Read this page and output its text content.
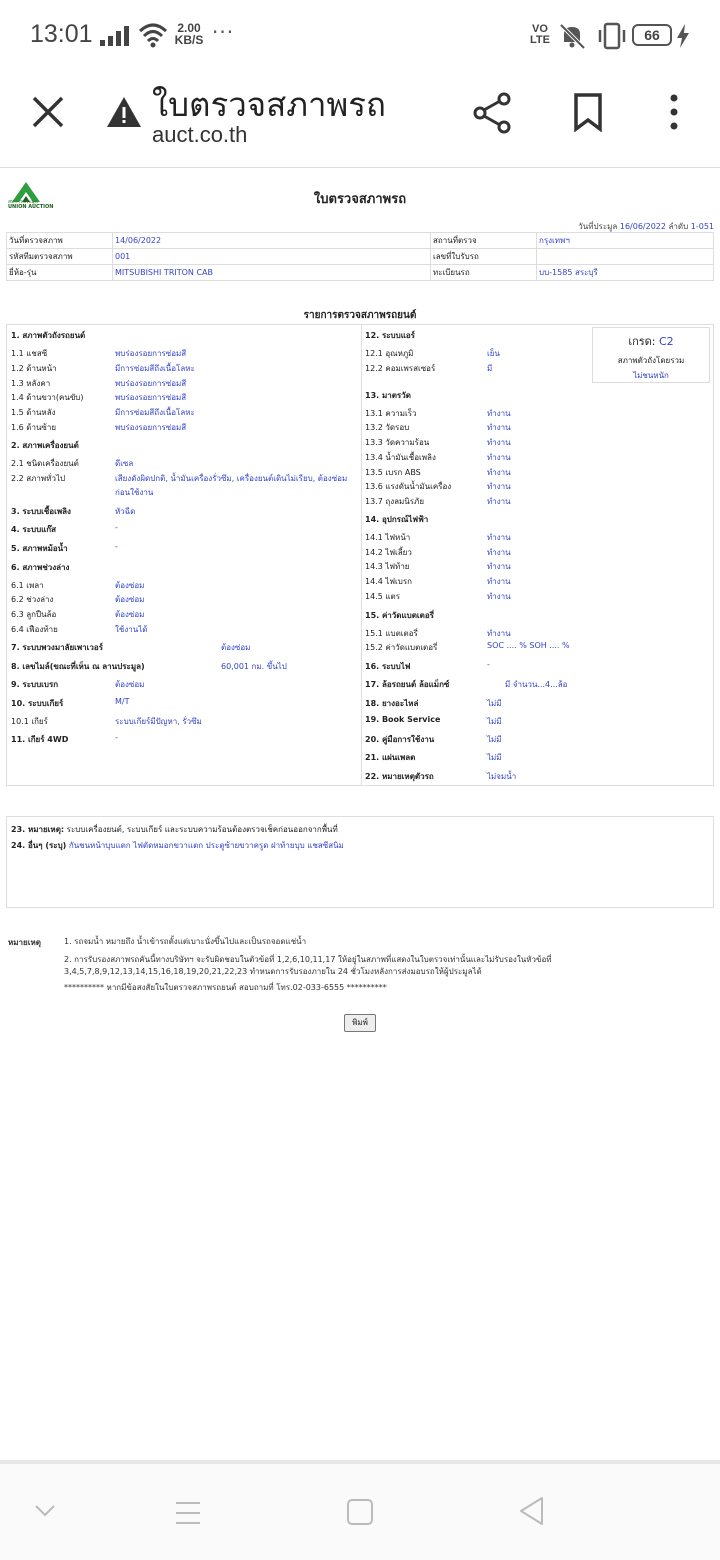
13:01	2.00
KB/S ···	VO
LTE	66
ใบตรวจสภาพรถ
auct.co.th
สหการประมูล
UNION AUCTION	ใบตรวจสภาพรถ
วันที่ประมูล 16/06/2022 ลำดับ 1-051
วันที่ตรวจสภาพ	14/06/2022	สถานที่ตรวจ	กรุงเทพฯ
รหัสทีมตรวจสภาพ	001	เลขที่ใบรับรถ	
ยี่ห้อ-รุ่น	MITSUBISHI TRITON CAB	ทะเบียนรถ	บบ-1585 สระบุรี
รายการตรวจสภาพรถยนต์
1. สภาพตัวถังรถยนต์
1.1 แชสซี	พบร่องรอยการซ่อมสี
1.2 ด้านหน้า	มีการซ่อมสีถึงเนื้อโลหะ
1.3 หลังคา	พบร่องรอยการซ่อมสี
1.4 ด้านขวา(คนขับ)	พบร่องรอยการซ่อมสี
1.5 ด้านหลัง	มีการซ่อมสีถึงเนื้อโลหะ
1.6 ด้านซ้าย	พบร่องรอยการซ่อมสี
2. สภาพเครื่องยนต์
2.1 ชนิดเครื่องยนต์	ดีเซล
2.2 สภาพทั่วไป	เสียงดังผิดปกติ, น้ำมันเครื่องรั่วซึม, เครื่องยนต์เดินไม่เรียบ, ต้องซ่อม
ก่อนใช้งาน
3. ระบบเชื้อเพลิง	หัวฉีด
4. ระบบแก๊ส	-
5. สภาพหม้อน้ำ	-
6. สภาพช่วงล่าง
6.1 เพลา	ต้องซ่อม
6.2 ช่วงล่าง	ต้องซ่อม
6.3 ลูกปืนล้อ	ต้องซ่อม
6.4 เฟืองท้าย	ใช้งานได้
7. ระบบพวงมาลัยเพาเวอร์	ต้องซ่อม
8. เลขไมล์(ขณะที่เห็น ณ ลานประมูล)	60,001 กม. ขึ้นไป
9. ระบบเบรก	ต้องซ่อม
10. ระบบเกียร์	M/T
10.1 เกียร์	ระบบเกียร์มีปัญหา, รั่วซึม
11. เกียร์ 4WD	-
12. ระบบแอร์
12.1 อุณหภูมิ	เย็น
12.2 คอมเพรสเซอร์	มี
13. มาตรวัด
13.1 ความเร็ว	ทำงาน
13.2 วัดรอบ	ทำงาน
13.3 วัดความร้อน	ทำงาน
13.4 น้ำมันเชื้อเพลิง	ทำงาน
13.5 เบรก ABS	ทำงาน
13.6 แรงดันน้ำมันเครื่อง	ทำงาน
13.7 ถุงลมนิรภัย	ทำงาน
14. อุปกรณ์ไฟฟ้า
14.1 ไฟหน้า	ทำงาน
14.2 ไฟเลี้ยว	ทำงาน
14.3 ไฟท้าย	ทำงาน
14.4 ไฟเบรก	ทำงาน
14.5 แตร	ทำงาน
15. ค่าวัดแบตเตอรี่
15.1 แบตเตอรี่	ทำงาน
15.2 ค่าวัดแบตเตอรี่	SOC .... % SOH .... %
16. ระบบไฟ	-
17. ล้อรถยนต์ ล้อแม็กซ์	มี จำนวน...4...ล้อ
18. ยางอะไหล่	ไม่มี
19. Book Service	ไม่มี
20. คู่มือการใช้งาน	ไม่มี
21. แผ่นเพลต	ไม่มี
22. หมายเหตุตัวรถ	ไม่จมน้ำ
เกรด: C2
สภาพตัวถังโดยรวม
ไม่ชนหนัก
23. หมายเหตุ: ระบบเครื่องยนต์, ระบบเกียร์ และระบบความร้อนต้องตรวจเช็คก่อนออกจากพื้นที่
24. อื่นๆ (ระบุ) กันชนหน้าบุบแตก ไฟตัดหมอกขวาแตก ประตูซ้ายขวาครูด ฝาท้ายบุบ แชสซีสนิม
หมายเหตุ	1. รถจมน้ำ หมายถึง น้ำเข้ารถตั้งแต่เบาะนั่งขึ้นไปและเป็นรถจอดแช่น้ำ
2. การรับรองสภาพรถคันนี้ทางบริษัทฯ จะรับผิดชอบในตัวข้อที่ 1,2,6,10,11,17 ให้อยู่ในสภาพที่แสดงในใบตรวจเท่านั้นและไม่รับรองในหัวข้อที่ 3,4,5,7,8,9,12,13,14,15,16,18,19,20,21,22,23 ทำหนดการรับรองภายใน 24 ชั่วโมงหลังการส่งมอบรถให้ผู้ประมูลได้
********** หากมีข้อสงสัยในใบตรวจสภาพรถยนต์ สอบถามที่ โทร.02-033-6555 **********
พิมพ์
